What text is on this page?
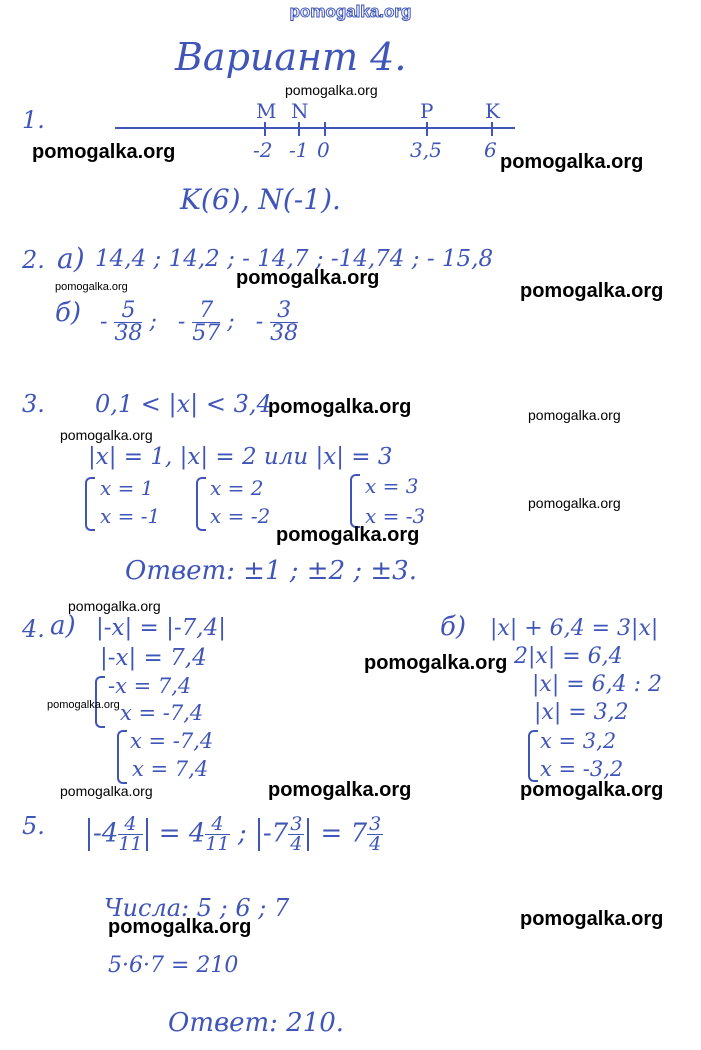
pomogalka.org
Вариант 4.
1.	M N	P	K
-2 -1 0	3,5 6
K(6), N(-1).
2. а) 14,4 ; 14,2 ; - 14,7 ; -14,74 ; - 15,8
$б) - \frac{5}{38}$ ;   - $\frac{7}{57}$ ;   - $\frac{3}{38}$
3. 0,1 < |x| < 3,4
|x| = 1, |x| = 2 или |x| = 3
x = 1
x = -1
x = 2
x = -2
x = 3
x = -3
Ответ: ±1 ; ±2 ; ±3.
4. а) |-x| = |-7,4|
|-x| = 7,4
-x = 7,4
x = -7,4
x = -7,4
x = 7,4
б) |x| + 6,4 = 3|x|
2|x| = 6,4
|x| = 6,4 : 2
|x| = 3,2
x = 3,2
x = -3,2
5.	$-4 \frac{4}{11} = 4 \frac{4}{11}$ ; $-7 \frac{3}{4} = 7 \frac{3}{4}$
Числа: 5 ; 6 ; 7
5·6·7 = 210
Ответ: 210.
pomogalka.org
pomogalka.org
pomogalka.org
pomogalka.org	pomogalka.org
pomogalka.org
pomogalka.org	pomogalka.org
pomogalka.org
pomogalka.org
pomogalka.org
pomogalka.org
pomogalka.org
pomogalka.org
pomogalka.org	pomogalka.org	pomogalka.org
pomogalka.org	pomogalka.org
